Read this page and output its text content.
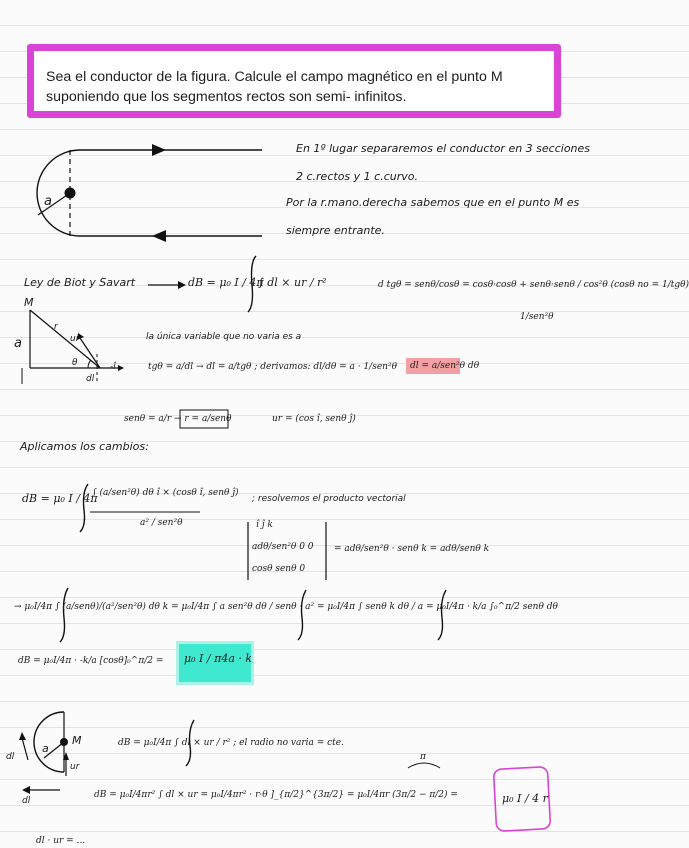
Sea el conductor de la figura. Calcule el campo magnético en el punto M suponiendo que los segmentos rectos son semi- infinitos.
a
En 1º lugar separaremos el conductor en 3 secciones
2 c.rectos y 1 c.curvo.
Por la r.mano.derecha sabemos que en el punto M es
siempre entrante.
Ley de Biot y Savart	dB = μ₀ I / 4π
∫ dl × ur / r²	d tgθ = senθ/cosθ = cosθ·cosθ + senθ·senθ / cos²θ (cosθ no = 1/tgθ)
1/sen²θ
M
a
r
ur
θ
dl
-î
la única variable que no varia es a
tgθ = a/dl → dl = a/tgθ ; derivamos: dl/dθ = a · 1/sen²θ dl = a/sen²θ dθ
senθ = a/r → r = a/senθ	ur = (cos î, senθ ĵ)
Aplicamos los cambios:
dB = μ₀ I / 4π
∫ (a/sen²θ) dθ î × (cosθ î, senθ ĵ)
a² / sen²θ
; resolvemos el producto vectorial
î ĵ k
adθ/sen²θ 0 0
cosθ senθ 0
= adθ/sen²θ · senθ k = adθ/senθ k
→ μ₀I/4π ∫ (a/senθ)/(a²/sen²θ) dθ k = μ₀I/4π ∫ a sen²θ dθ / senθ · a² = μ₀I/4π ∫ senθ k dθ / a = μ₀I/4π · k/a ∫₀^π/2 senθ dθ
dB = μ₀I/4π · -k/a [cosθ]₀^π/2 = μ₀ I / π4a · k
M
a
ur
dl
dl
dB = μ₀I/4π ∫ dl × ur / r² ; el radio no varia = cte.
dB = μ₀I/4πr² ∫ dl × ur = μ₀I/4πr² · r·θ ]_{π/2}^{3π/2} = μ₀I/4πr (3π/2 − π/2) =
π
μ₀ I / 4 r
dl · ur = ...
